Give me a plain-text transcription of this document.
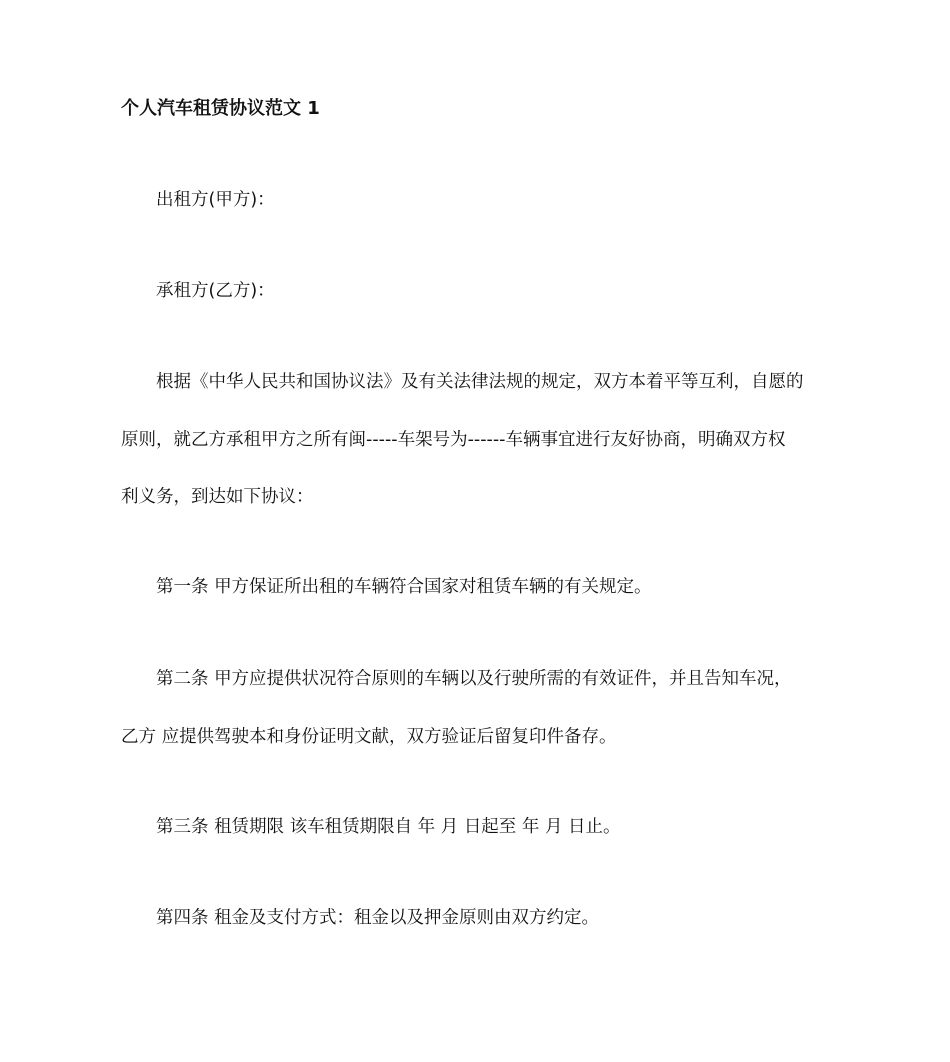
个人汽车租赁协议范文 1
出租方(甲方)：
承租方(乙方)：
根据《中华人民共和国协议法》及有关法律法规的规定，双方本着平等互利，自愿的
原则，就乙方承租甲方之所有闽-----车架号为------车辆事宜进行友好协商，明确双方权
利义务，到达如下协议：
第一条 甲方保证所出租的车辆符合国家对租赁车辆的有关规定。
第二条 甲方应提供状况符合原则的车辆以及行驶所需的有效证件，并且告知车况，
乙方 应提供驾驶本和身份证明文献，双方验证后留复印件备存。
第三条 租赁期限 该车租赁期限自 年 月 日起至 年 月 日止。
第四条 租金及支付方式：租金以及押金原则由双方约定。
